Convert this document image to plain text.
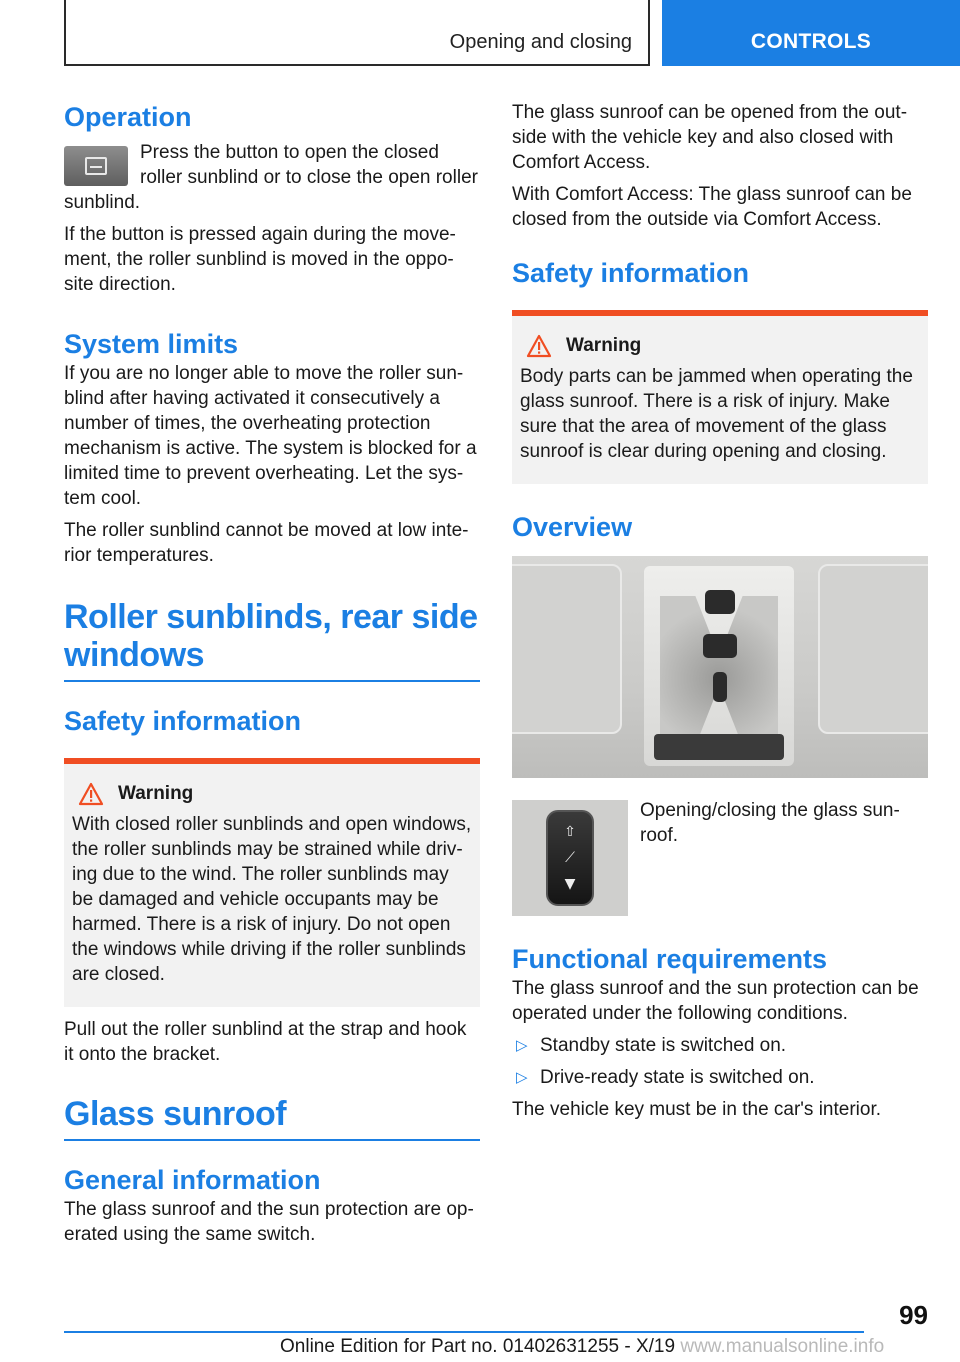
Opening and closing	CONTROLS
Operation

Press the button to open the closed roller sunblind or to close the open roller sunblind.

If the button is pressed again during the move-ment, the roller sunblind is moved in the oppo-site direction.

System limits

If you are no longer able to move the roller sun-blind after having activated it consecutively a number of times, the overheating protection mechanism is active. The system is blocked for a limited time to prevent overheating. Let the sys-tem cool.

The roller sunblind cannot be moved at low inte-rior temperatures.

Roller sunblinds, rear side windows
Safety information
Warning

With closed roller sunblinds and open windows, the roller sunblinds may be strained while driv-ing due to the wind. The roller sunblinds may be damaged and vehicle occupants may be harmed. There is a risk of injury. Do not open the windows while driving if the roller sunblinds are closed.

Pull out the roller sunblind at the strap and hook it onto the bracket.

Glass sunroof
General information

The glass sunroof and the sun protection are op-erated using the same switch.

The glass sunroof can be opened from the out-side with the vehicle key and also closed with Comfort Access.

With Comfort Access: The glass sunroof can be closed from the outside via Comfort Access.

Safety information
Warning

Body parts can be jammed when operating the glass sunroof. There is a risk of injury. Make sure that the area of movement of the glass sunroof is clear during opening and closing.

Overview
⇧
⟋
▼

Opening/closing the glass sun-roof.

Functional requirements

The glass sunroof and the sun protection can be operated under the following conditions.

▷ Standby state is switched on.
▷ Drive-ready state is switched on.

The vehicle key must be in the car's interior.

99
Online Edition for Part no. 01402631255 - X/19 www.manualsonline.info
